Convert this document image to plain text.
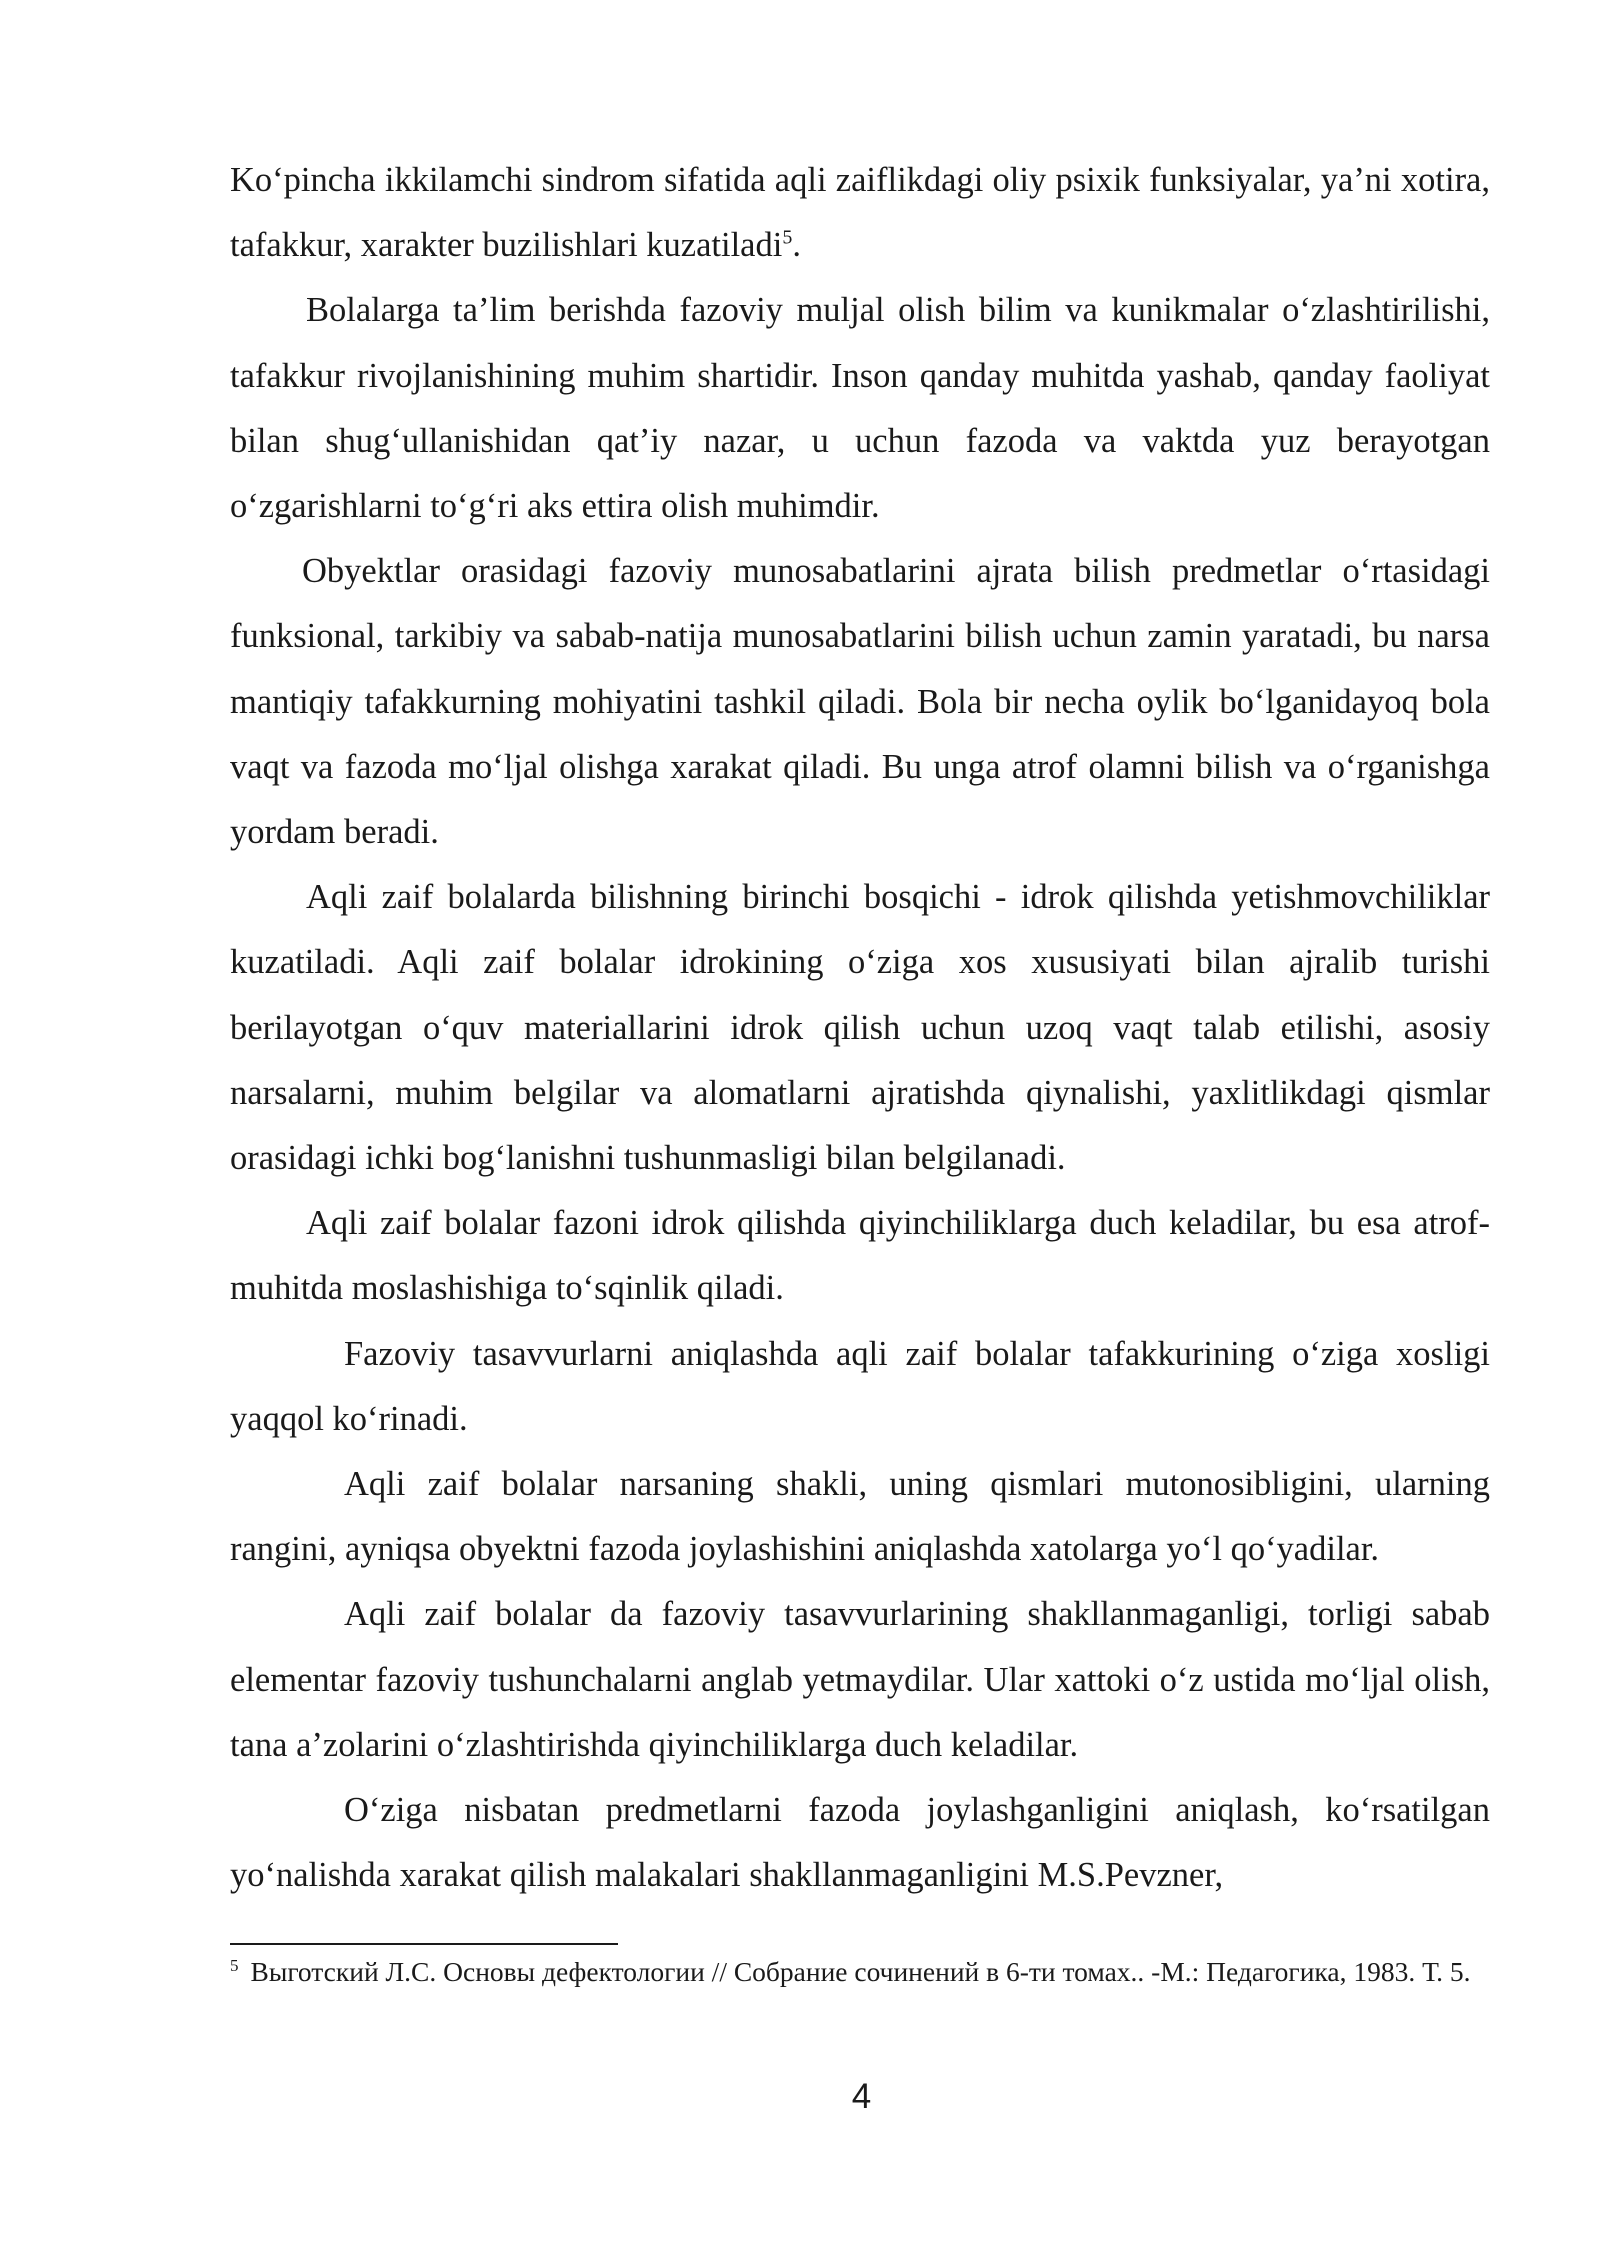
Ko‘pincha ikkilamchi sindrom sifatida aqli zaiflikdagi oliy psixik funksiyalar, ya’ni xotira, tafakkur, xarakter buzilishlari kuzatiladi$^5$.

Bolalarga ta’lim berishda fazoviy muljal olish bilim va kunikmalar o‘zlashtirilishi, tafakkur rivojlanishining muhim shartidir. Inson qanday muhitda yashab, qanday faoliyat bilan shug‘ullanishidan qat’iy nazar, u uchun fazoda va vaktda yuz berayotgan o‘zgarishlarni to‘g‘ri aks ettira olish muhimdir.

Obyektlar orasidagi fazoviy munosabatlarini ajrata bilish predmetlar o‘rtasidagi funksional, tarkibiy va sabab-natija munosabatlarini bilish uchun zamin yaratadi, bu narsa mantiqiy tafakkurning mohiyatini tashkil qiladi. Bola bir necha oylik bo‘lganidayoq bola vaqt va fazoda mo‘ljal olishga xarakat qiladi. Bu unga atrof olamni bilish va o‘rganishga yordam beradi.

Aqli zaif bolalarda bilishning birinchi bosqichi - idrok qilishda yetishmovchiliklar kuzatiladi. Aqli zaif bolalar idrokining o‘ziga xos xususiyati bilan ajralib turishi berilayotgan o‘quv materiallarini idrok qilish uchun uzoq vaqt talab etilishi, asosiy narsalarni, muhim belgilar va alomatlarni ajratishda qiynalishi, yaxlitlikdagi qismlar orasidagi ichki bog‘lanishni tushunmasligi bilan belgilanadi.

Aqli zaif bolalar fazoni idrok qilishda qiyinchiliklarga duch keladilar, bu esa atrof-muhitda moslashishiga to‘sqinlik qiladi.

Fazoviy tasavvurlarni aniqlashda aqli zaif bolalar tafakkurining o‘ziga xosligi yaqqol ko‘rinadi.

Aqli zaif bolalar narsaning shakli, uning qismlari mutonosibligini, ularning rangini, ayniqsa obyektni fazoda joylashishini aniqlashda xatolarga yo‘l qo‘yadilar.

Aqli zaif bolalar da fazoviy tasavvurlarining shakllanmaganligi, torligi sabab elementar fazoviy tushunchalarni anglab yetmaydilar. Ular xattoki o‘z ustida mo‘ljal olish, tana a’zolarini o‘zlashtirishda qiyinchiliklarga duch keladilar.

O‘ziga nisbatan predmetlarni fazoda joylashganligini aniqlash, ko‘rsatilgan yo‘nalishda xarakat qilish malakalari shakllanmaganligini M.S.Pevzner,

$^5$ Выготский Л.С. Основы дефектологии // Собрание сочинений в 6-ти томах.. -М.: Педагогика, 1983. Т. 5.

4
